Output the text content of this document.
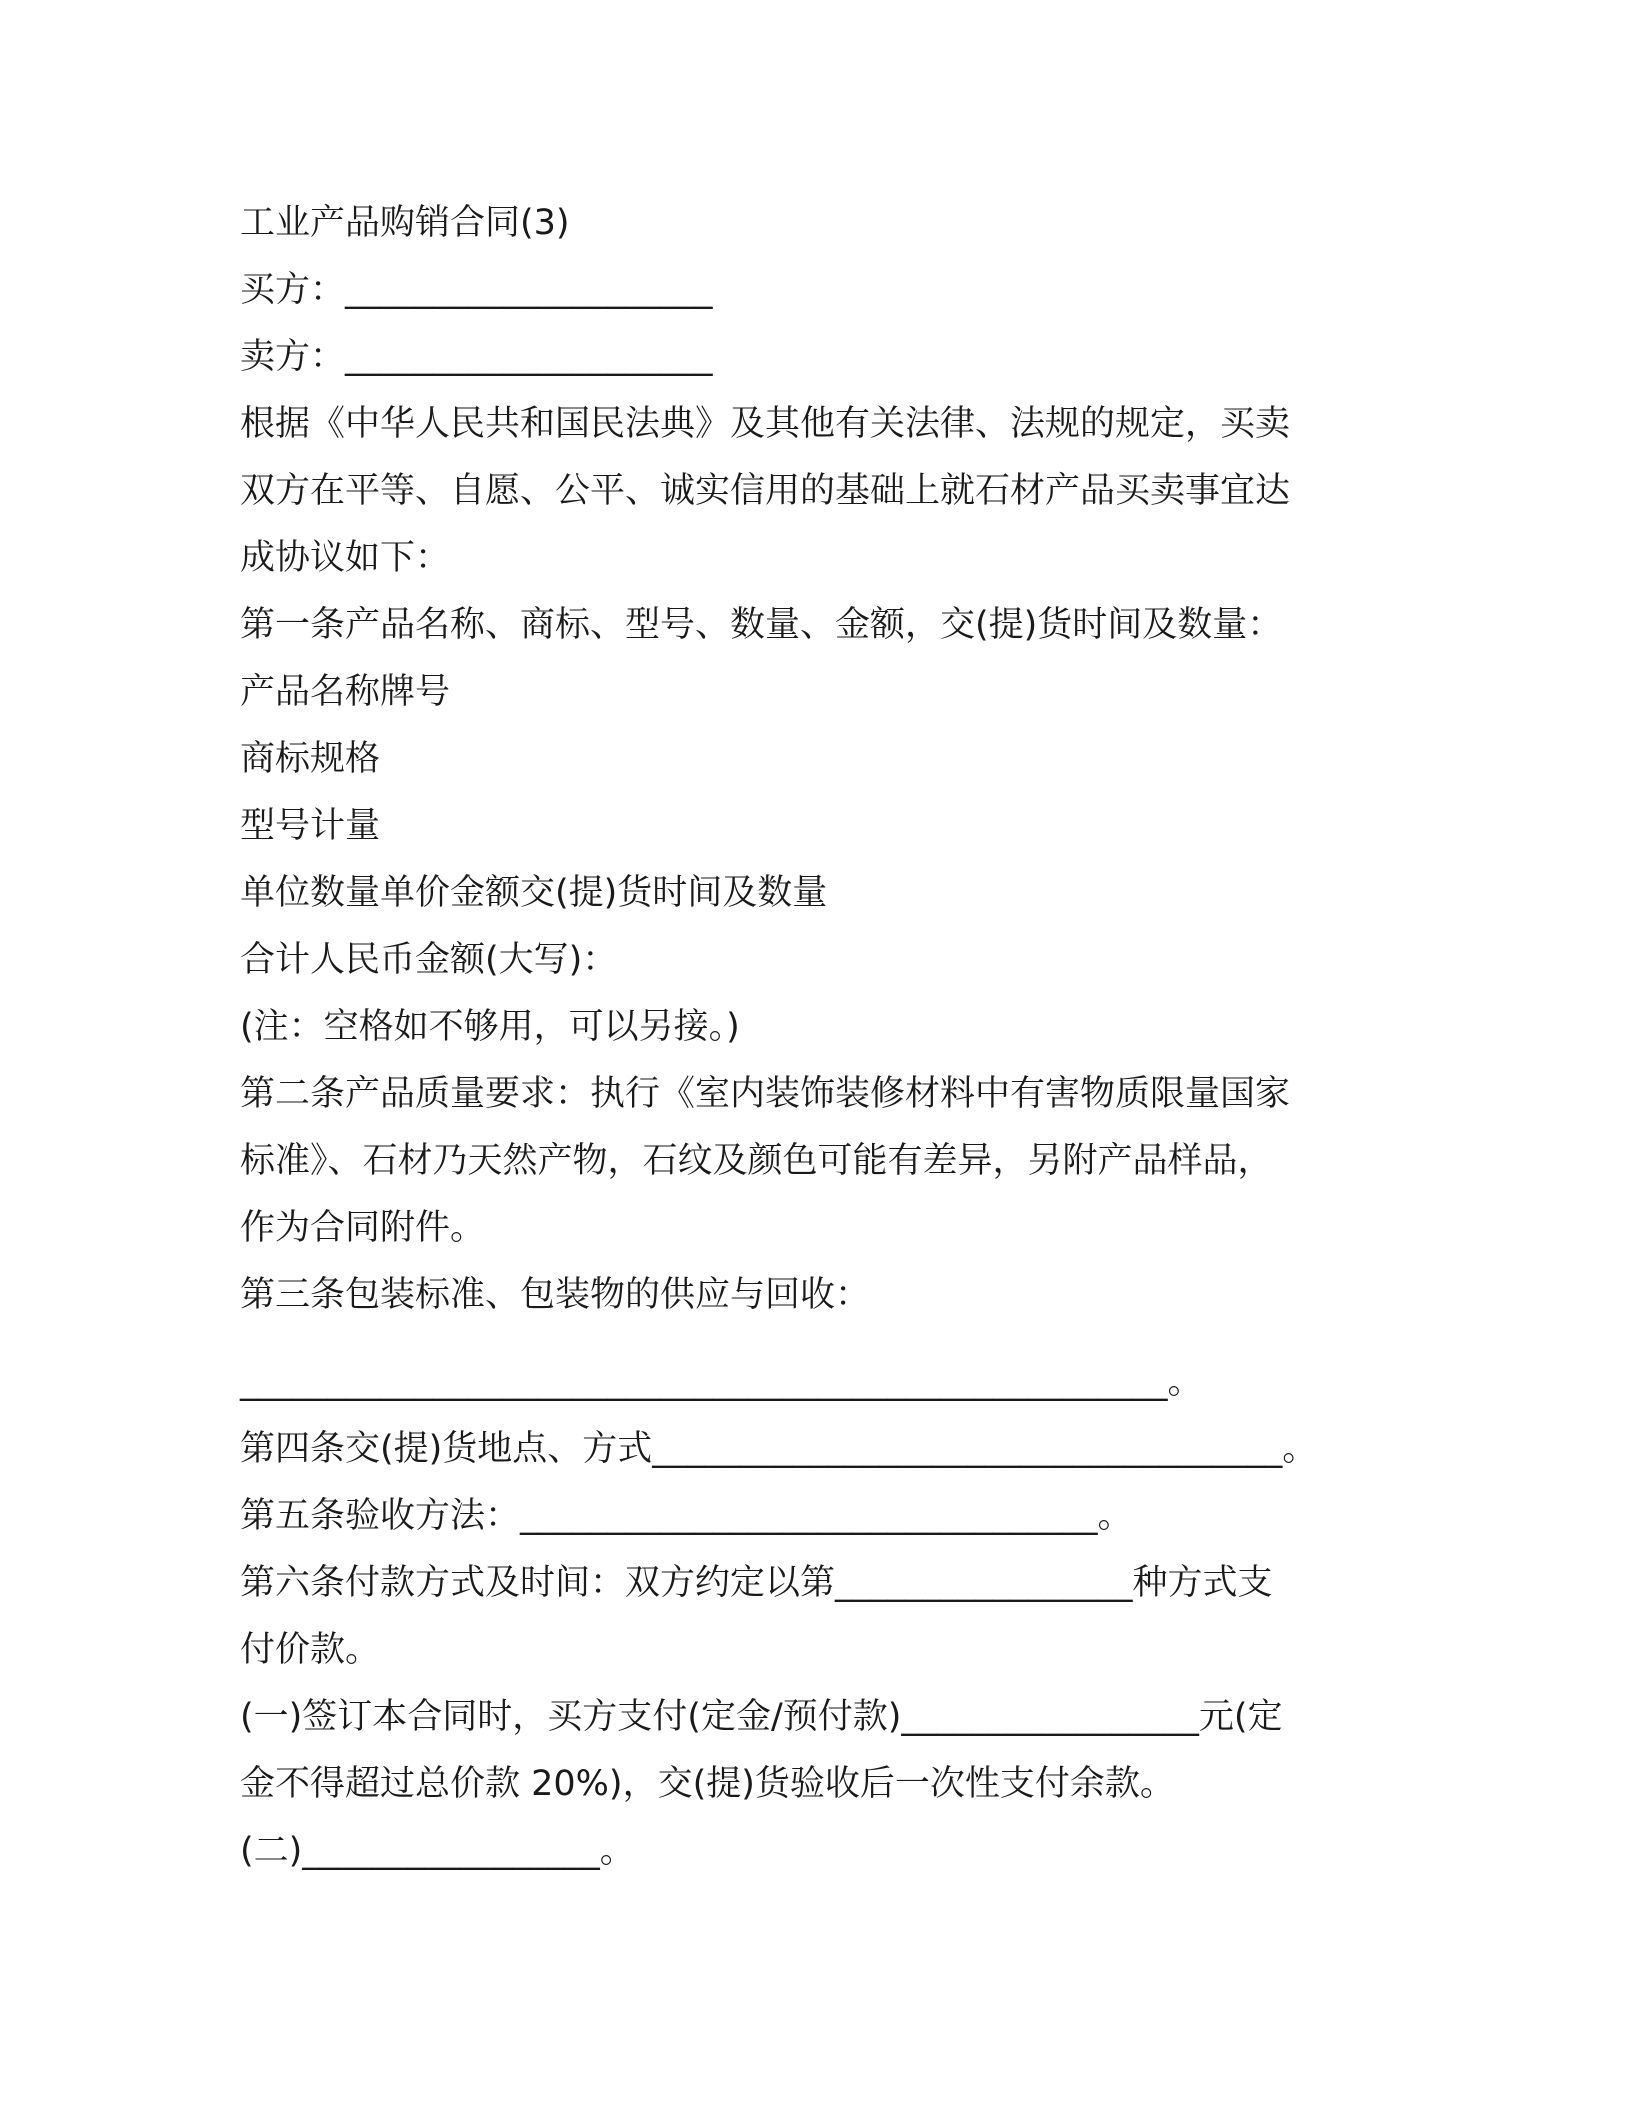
工业产品购销合同(3)
买方：_____________________
卖方：_____________________
根据《中华人民共和国民法典》及其他有关法律、法规的规定，买卖
双方在平等、自愿、公平、诚实信用的基础上就石材产品买卖事宜达
成协议如下：
第一条产品名称、商标、型号、数量、金额，交(提)货时间及数量：
产品名称牌号
商标规格
型号计量
单位数量单价金额交(提)货时间及数量
合计人民币金额(大写)：
(注：空格如不够用，可以另接。)
第二条产品质量要求：执行《室内装饰装修材料中有害物质限量国家
标准》、石材乃天然产物，石纹及颜色可能有差异，另附产品样品，
作为合同附件。
第三条包装标准、包装物的供应与回收：
_____________________________________________________。
第四条交(提)货地点、方式____________________________________。
第五条验收方法：_________________________________。
第六条付款方式及时间：双方约定以第_________________种方式支
付价款。
(一)签订本合同时，买方支付(定金/预付款)_________________元(定
金不得超过总价款 20%)，交(提)货验收后一次性支付余款。
(二)_________________。
